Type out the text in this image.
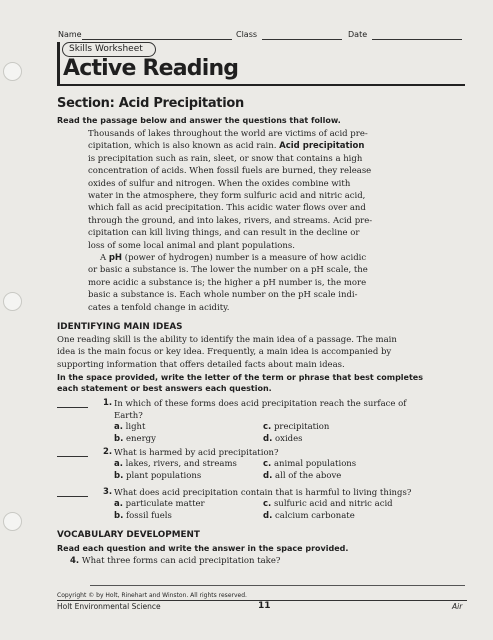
Name	Class	Date
Skills Worksheet
Active Reading
Section: Acid Precipitation
Read the passage below and answer the questions that follow.
Thousands of lakes throughout the world are victims of acid pre-
cipitation, which is also known as acid rain. Acid precipitation
is precipitation such as rain, sleet, or snow that contains a high
concentration of acids. When fossil fuels are burned, they release
oxides of sulfur and nitrogen. When the oxides combine with
water in the atmosphere, they form sulfuric acid and nitric acid,
which fall as acid precipitation. This acidic water flows over and
through the ground, and into lakes, rivers, and streams. Acid pre-
cipitation can kill living things, and can result in the decline or
loss of some local animal and plant populations.
A pH (power of hydrogen) number is a measure of how acidic
or basic a substance is. The lower the number on a pH scale, the
more acidic a substance is; the higher a pH number is, the more
basic a substance is. Each whole number on the pH scale indi-
cates a tenfold change in acidity.
IDENTIFYING MAIN IDEAS
One reading skill is the ability to identify the main idea of a passage. The main
idea is the main focus or key idea. Frequently, a main idea is accompanied by
supporting information that offers detailed facts about main ideas.
In the space provided, write the letter of the term or phrase that best completes
each statement or best answers each question.
1. In which of these forms does acid precipitation reach the surface of
Earth?
a. light	c. precipitation
b. energy	d. oxides
2. What is harmed by acid precipitation?
a. lakes, rivers, and streams	c. animal populations
b. plant populations	d. all of the above
3. What does acid precipitation contain that is harmful to living things?
a. particulate matter	c. sulfuric acid and nitric acid
b. fossil fuels	d. calcium carbonate
VOCABULARY DEVELOPMENT
Read each question and write the answer in the space provided.
4. What three forms can acid precipitation take?
Copyright © by Holt, Rinehart and Winston. All rights reserved.
Holt Environmental Science	11	Air
